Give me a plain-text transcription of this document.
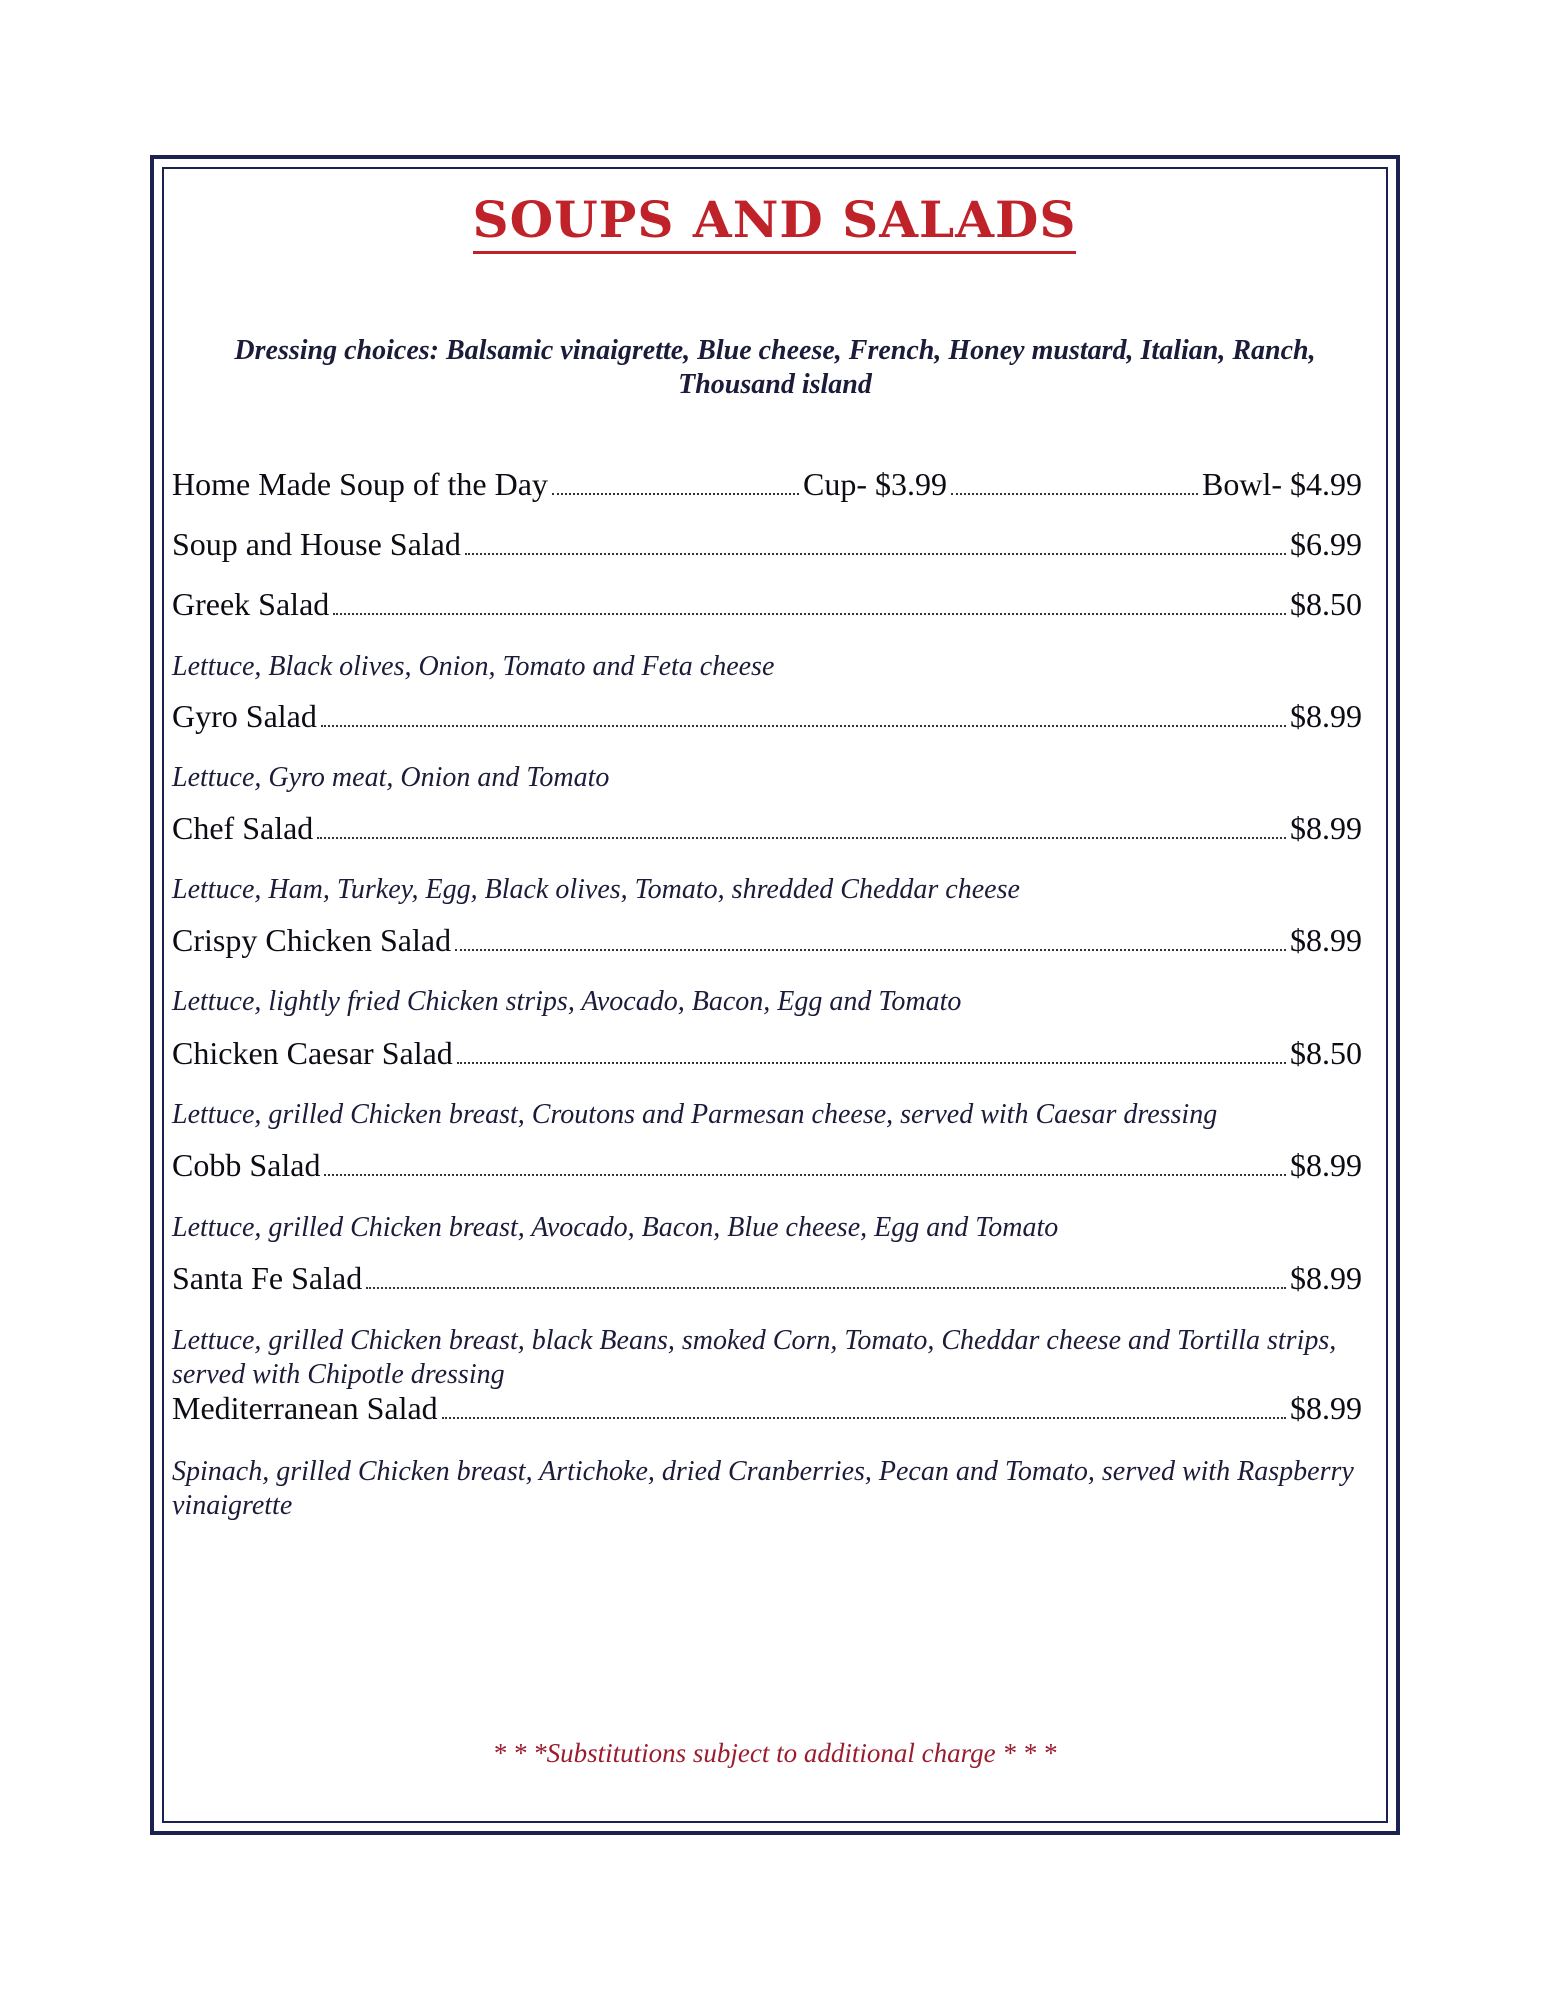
SOUPS AND SALADS
Dressing choices: Balsamic vinaigrette, Blue cheese, French, Honey mustard, Italian, Ranch, Thousand island
Home Made Soup of the Day	Cup- $3.99	Bowl- $4.99
Soup and House Salad	$6.99
Greek Salad	$8.50
Lettuce, Black olives, Onion, Tomato and Feta cheese
Gyro Salad	$8.99
Lettuce, Gyro meat, Onion and Tomato
Chef Salad	$8.99
Lettuce, Ham, Turkey, Egg, Black olives, Tomato, shredded Cheddar cheese
Crispy Chicken Salad	$8.99
Lettuce, lightly fried Chicken strips, Avocado, Bacon, Egg and Tomato
Chicken Caesar Salad	$8.50
Lettuce, grilled Chicken breast, Croutons and Parmesan cheese, served with Caesar dressing
Cobb Salad	$8.99
Lettuce, grilled Chicken breast, Avocado, Bacon, Blue cheese, Egg and Tomato
Santa Fe Salad	$8.99
Lettuce, grilled Chicken breast, black Beans, smoked Corn, Tomato, Cheddar cheese and Tortilla strips, served with Chipotle dressing
Mediterranean Salad	$8.99
Spinach, grilled Chicken breast, Artichoke, dried Cranberries, Pecan and Tomato, served with Raspberry vinaigrette
* * *Substitutions subject to additional charge * * *
